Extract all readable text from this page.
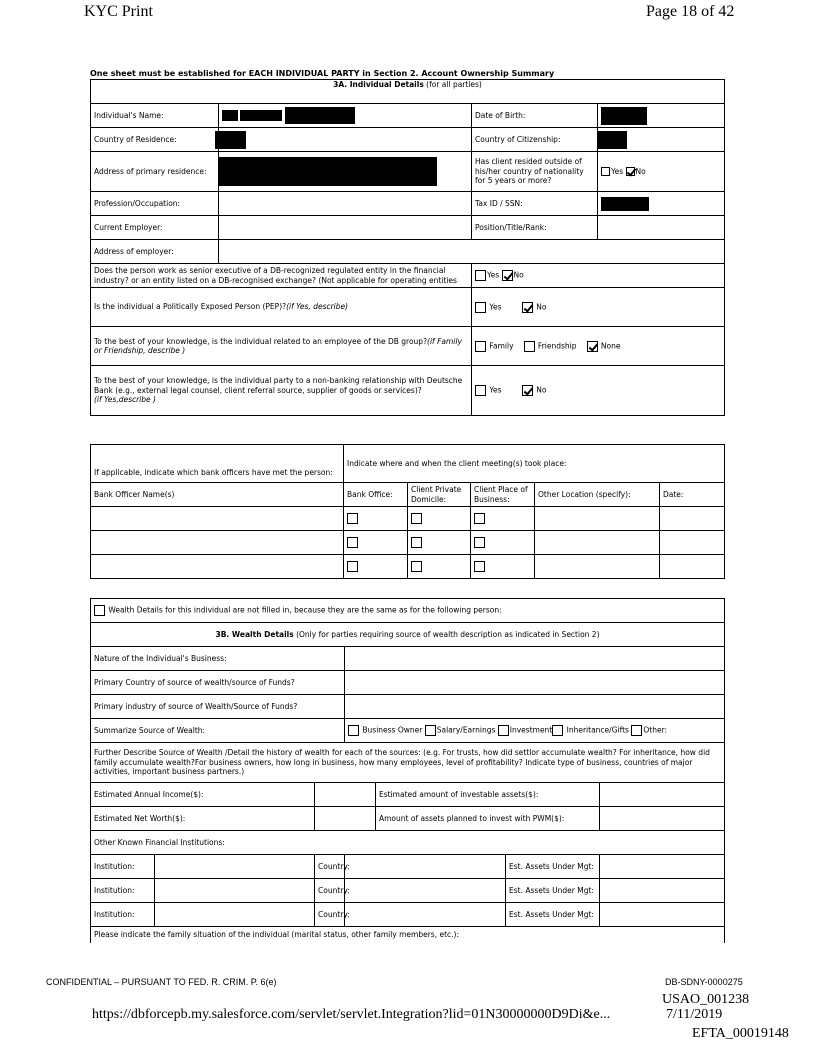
KYC Print	Page 18 of 42
One sheet must be established for EACH INDIVIDUAL PARTY in Section 2. Account Ownership Summary
3A. Individual Details (for all parties)			
Individual's Name:		Date of Birth:	
Country of Residence:		Country of Citizenship:	
Address of primary residence:		Has client resided outside of his/her country of nationality for 5 years or more?	Yes No
Profession/Occupation:		Tax ID / SSN:	
Current Employer:		Position/Title/Rank:	
Address of employer:			
Does the person work as senior executive of a DB-recognized regulated entity in the financial industry? or an entity listed on a DB-recognised exchange? (Not applicable for operating entities		Yes No	
Is the individual a Politically Exposed Person (PEP)?(if Yes, describe)		Yes No	
To the best of your knowledge, is the individual related to an employee of the DB group?(if Family or Friendship, describe )		Family Friendship None	
To the best of your knowledge, is the individual party to a non-banking relationship with Deutsche Bank (e.g., external legal counsel, client referral source, supplier of goods or services)?
(if Yes,describe )		Yes No	
If applicable, indicate which bank officers have met the person:	Indicate where and when the client meeting(s) took place:				
Bank Officer Name(s)	Bank Office:	Client Private Domicile:	Client Place of Business:	Other Location (specify):	Date:

Wealth Details for this individual are not filled in, because they are the same as for the following person:						
3B. Wealth Details (Only for parties requiring source of wealth description as indicated in Section 2)						
Nature of the Individual's Business:						
Primary Country of source of wealth/source of Funds?						
Primary industry of source of Wealth/Source of Funds?						
Summarize Source of Wealth:			Business Owner Salary/Earnings Investment Inheritance/Gifts Other:			
Further Describe Source of Wealth /Detail the history of wealth for each of the sources: (e.g. For trusts, how did settlor accumulate wealth? For inheritance, how did family accumulate wealth?For business owners, how long in business, how many employees, level of profitability? Indicate type of business, countries of major activities, important business partners.)						
Estimated Annual Income($):				Estimated amount of investable assets($):		
Estimated Net Worth($):				Amount of assets planned to invest with PWM($):		
Other Known Financial Institutions:						
Institution:		Country:			Est. Assets Under Mgt:	
Institution:		Country:			Est. Assets Under Mgt:	
Institution:		Country:			Est. Assets Under Mgt:	
Please indicate the family situation of the individual (marital status, other family members, etc.):						
CONFIDENTIAL – PURSUANT TO FED. R. CRIM. P. 6(e)	DB-SDNY-0000275
USAO_001238
https://dbforcepb.my.salesforce.com/servlet/servlet.Integration?lid=01N30000000D9Di&e...	7/11/2019
EFTA_00019148
